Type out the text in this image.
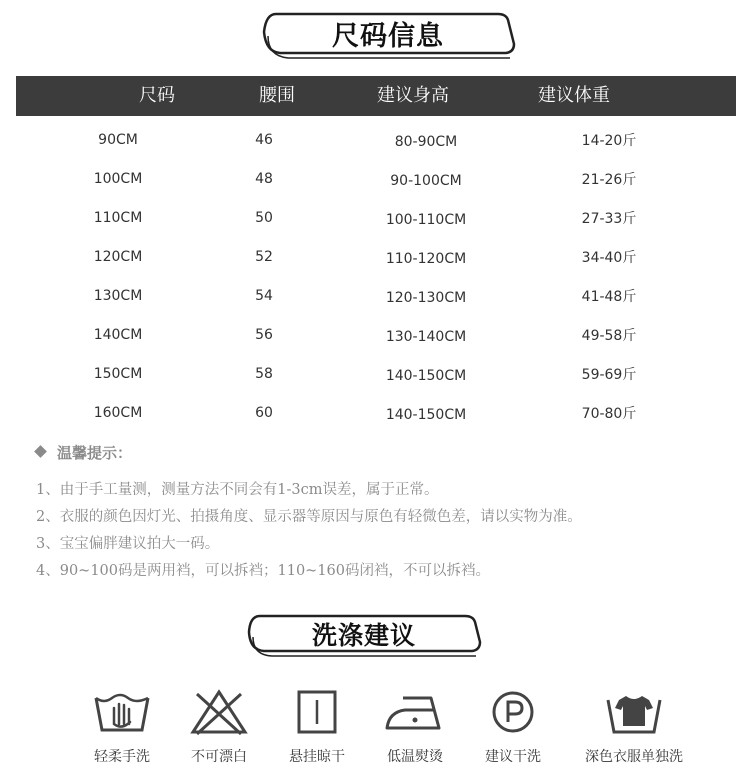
尺码信息
尺码	腰围	建议身高	建议体重
90CM	46	80-90CM	14-20斤
100CM	48	90-100CM	21-26斤
110CM	50	100-110CM	27-33斤
120CM	52	110-120CM	34-40斤
130CM	54	120-130CM	41-48斤
140CM	56	130-140CM	49-58斤
150CM	58	140-150CM	59-69斤
160CM	60	140-150CM	70-80斤
温馨提示：
1、由于手工量测，测量方法不同会有1-3cm误差，属于正常。
2、衣服的颜色因灯光、拍摄角度、显示器等原因与原色有轻微色差，请以实物为准。
3、宝宝偏胖建议拍大一码。
4、90~100码是两用裆，可以拆裆；110~160码闭裆，不可以拆裆。
洗涤建议
轻柔手洗	不可漂白	悬挂晾干	低温熨烫	建议干洗	深色衣服单独洗
